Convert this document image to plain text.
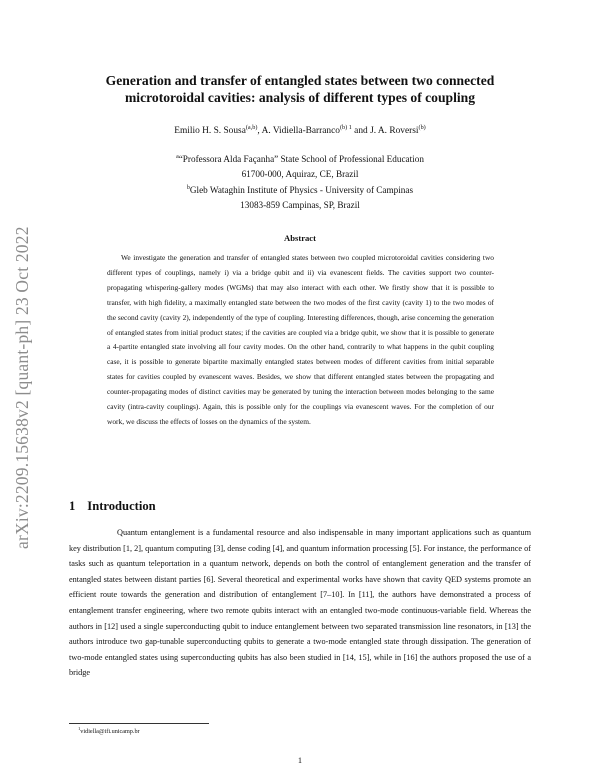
arXiv:2209.15638v2 [quant-ph] 23 Oct 2022
Generation and transfer of entangled states between two connected
microtoroidal cavities: analysis of different types of coupling
Emilio H. S. Sousa$^{(a,b)}$, A. Vidiella-Barranco$^{(b) 1}$ and J. A. Roversi$^{(b)}$
$^a$“Professora Alda Façanha” State School of Professional Education
61700-000, Aquiraz, CE, Brazil
$^b$Gleb Wataghin Institute of Physics - University of Campinas
13083-859 Campinas, SP, Brazil
Abstract

We investigate the generation and transfer of entangled states between two coupled microtoroidal cavities considering two different types of couplings, namely i) via a bridge qubit and ii) via evanescent fields. The cavities support two counter-propagating whispering-gallery modes (WGMs) that may also interact with each other. We firstly show that it is possible to transfer, with high fidelity, a maximally entangled state between the two modes of the first cavity (cavity 1) to the two modes of the second cavity (cavity 2), independently of the type of coupling. Interesting differences, though, arise concerning the generation of entangled states from initial product states; if the cavities are coupled via a bridge qubit, we show that it is possible to generate a 4-partite entangled state involving all four cavity modes. On the other hand, contrarily to what happens in the qubit coupling case, it is possible to generate bipartite maximally entangled states between modes of different cavities from initial separable states for cavities coupled by evanescent waves. Besides, we show that different entangled states between the propagating and counter-propagating modes of distinct cavities may be generated by tuning the interaction between modes belonging to the same cavity (intra-cavity couplings). Again, this is possible only for the couplings via evanescent waves. For the completion of our work, we discuss the effects of losses on the dynamics of the system.

1 Introduction

Quantum entanglement is a fundamental resource and also indispensable in many important applications such as quantum key distribution [1, 2], quantum computing [3], dense coding [4], and quantum information processing [5]. For instance, the performance of tasks such as quantum teleportation in a quantum network, depends on both the control of entanglement generation and the transfer of entangled states between distant parties [6]. Several theoretical and experimental works have shown that cavity QED systems promote an efficient route towards the generation and distribution of entanglement [7–10]. In [11], the authors have demonstrated a process of entanglement transfer engineering, where two remote qubits interact with an entangled two-mode continuous-variable field. Whereas the authors in [12] used a single superconducting qubit to induce entanglement between two separated transmission line resonators, in [13] the authors introduce two gap-tunable superconducting qubits to generate a two-mode entangled state through dissipation. The generation of two-mode entangled states using superconducting qubits has also been studied in [14, 15], while in [16] the authors proposed the use of a bridge

$^1$vidiella@ifi.unicamp.br
1
